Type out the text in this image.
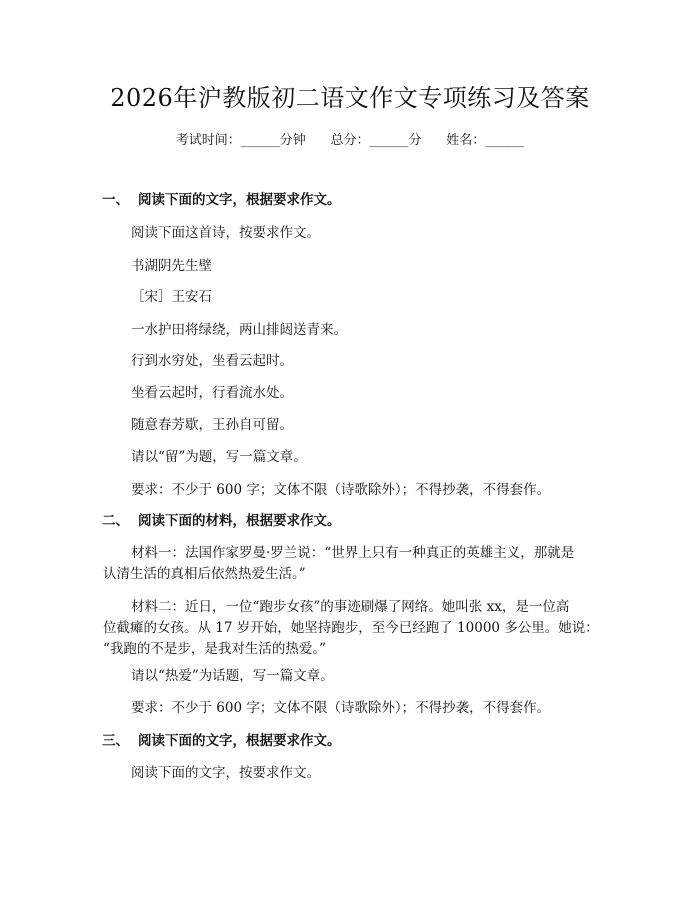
2026年沪教版初二语文作文专项练习及答案
考试时间：______分钟      总分：______分      姓名：______
一、 阅读下面的文字，根据要求作文。
阅读下面这首诗，按要求作文。
书湖阴先生壁
［宋］王安石
一水护田将绿绕，两山排闼送青来。
行到水穷处，坐看云起时。
坐看云起时，行看流水处。
随意春芳歇，王孙自可留。
请以“留”为题，写一篇文章。
要求：不少于 600 字；文体不限（诗歌除外）；不得抄袭，不得套作。
二、 阅读下面的材料，根据要求作文。
材料一：法国作家罗曼·罗兰说：“世界上只有一种真正的英雄主义，那就是
认清生活的真相后依然热爱生活。”
材料二：近日，一位“跑步女孩”的事迹刷爆了网络。她叫张 xx，是一位高
位截瘫的女孩。从 17 岁开始，她坚持跑步，至今已经跑了 10000 多公里。她说：
“我跑的不是步，是我对生活的热爱。”
请以“热爱”为话题，写一篇文章。
要求：不少于 600 字；文体不限（诗歌除外）；不得抄袭，不得套作。
三、 阅读下面的文字，根据要求作文。
阅读下面的文字，按要求作文。
